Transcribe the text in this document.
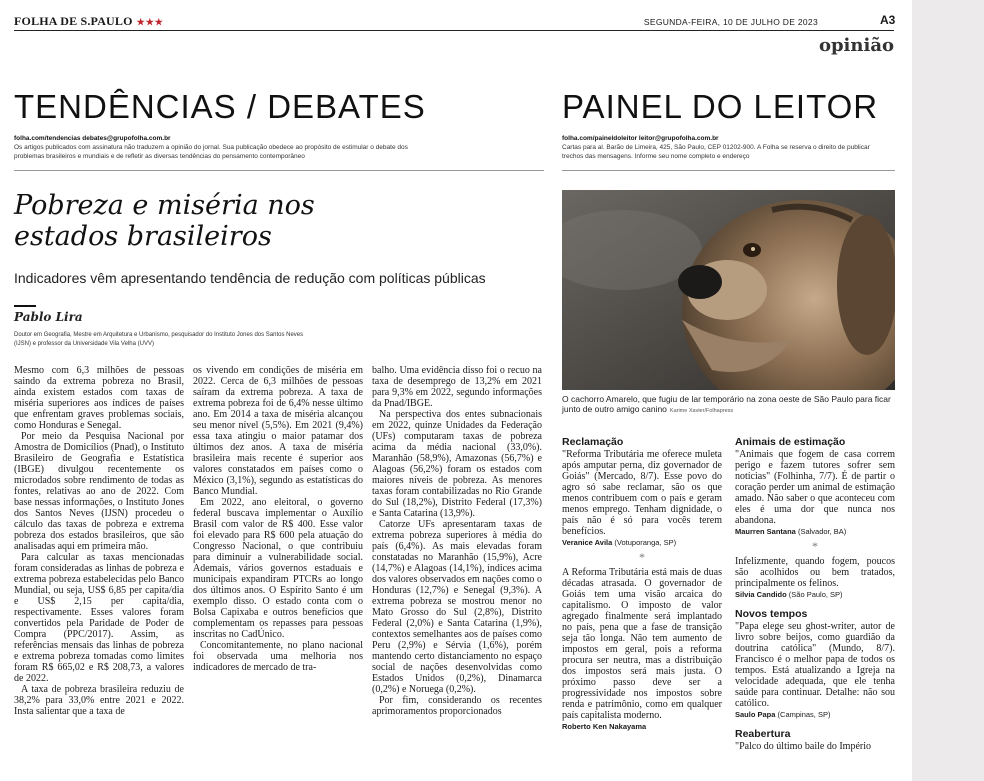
FOLHA DE S.PAULO ★★★	SEGUNDA-FEIRA, 10 DE JULHO DE 2023	A3
opinião
TENDÊNCIAS / DEBATES
folha.com/tendencias debates@grupofolha.com.br
Os artigos publicados com assinatura não traduzem a opinião do jornal. Sua publicação obedece ao propósito de estimular o debate dos problemas brasileiros e mundiais e de refletir as diversas tendências do pensamento contemporâneo
Pobreza e miséria nos estados brasileiros
Indicadores vêm apresentando tendência de redução com políticas públicas
Pablo Lira
Doutor em Geografia, Mestre em Arquitetura e Urbanismo, pesquisador do Instituto Jones dos Santos Neves (IJSN) e professor da Universidade Vila Velha (UVV)

Mesmo com 6,3 milhões de pessoas saindo da extrema pobreza no Brasil, ainda existem estados com taxas de miséria superiores aos índices de países que enfrentam graves problemas sociais, como Honduras e Senegal.

Por meio da Pesquisa Nacional por Amostra de Domicílios (Pnad), o Instituto Brasileiro de Geografia e Estatística (IBGE) divulgou recentemente os microdados sobre rendimento de todas as fontes, relativas ao ano de 2022. Com base nessas informações, o Instituto Jones dos Santos Neves (IJSN) procedeu o cálculo das taxas de pobreza e extrema pobreza dos estados brasileiros, que são analisadas aqui em primeira mão.

Para calcular as taxas mencionadas foram consideradas as linhas de pobreza e extrema pobreza estabelecidas pelo Banco Mundial, ou seja, US$ 6,85 per capita/dia e US$ 2,15 per capita/dia, respectivamente. Esses valores foram convertidos pela Paridade de Poder de Compra (PPC/2017). Assim, as referências mensais das linhas de pobreza e extrema pobreza tomadas como limites foram R$ 665,02 e R$ 208,73, a valores de 2022.

A taxa de pobreza brasileira reduziu de 38,2% para 33,0% entre 2021 e 2022. Insta salientar que a taxa de

os vivendo em condições de miséria em 2022. Cerca de 6,3 milhões de pessoas saíram da extrema pobreza. A taxa de extrema pobreza foi de 6,4% nesse último ano. Em 2014 a taxa de miséria alcançou seu menor nível (5,5%). Em 2021 (9,4%) essa taxa atingiu o maior patamar dos últimos dez anos. A taxa de miséria brasileira mais recente é superior aos valores constatados em países como o México (3,1%), segundo as estatísticas do Banco Mundial.

Em 2022, ano eleitoral, o governo federal buscava implementar o Auxílio Brasil com valor de R$ 400. Esse valor foi elevado para R$ 600 pela atuação do Congresso Nacional, o que contribuiu para diminuir a vulnerabilidade social. Ademais, vários governos estaduais e municipais expandiram PTCRs ao longo dos últimos anos. O Espírito Santo é um exemplo disso. O estado conta com o Bolsa Capixaba e outros benefícios que complementam os repasses para pessoas inscritas no CadÚnico.

Concomitantemente, no plano nacional foi observada uma melhoria nos indicadores de mercado de tra-

balho. Uma evidência disso foi o recuo na taxa de desemprego de 13,2% em 2021 para 9,3% em 2022, segundo informações da Pnad/IBGE.

Na perspectiva dos entes subnacionais em 2022, quinze Unidades da Federação (UFs) computaram taxas de pobreza acima da média nacional (33,0%). Maranhão (58,9%), Amazonas (56,7%) e Alagoas (56,2%) foram os estados com maiores níveis de pobreza. As menores taxas foram contabilizadas no Rio Grande do Sul (18,2%), Distrito Federal (17,3%) e Santa Catarina (13,9%).

Catorze UFs apresentaram taxas de extrema pobreza superiores à média do país (6,4%). As mais elevadas foram constatadas no Maranhão (15,9%), Acre (14,7%) e Alagoas (14,1%), índices acima dos valores observados em nações como o Honduras (12,7%) e Senegal (9,3%). A extrema pobreza se mostrou menor no Mato Grosso do Sul (2,8%), Distrito Federal (2,0%) e Santa Catarina (1,9%), contextos semelhantes aos de países como Peru (2,9%) e Sérvia (1,6%), porém mantendo certo distanciamento no espaço social de nações desenvolvidas como Estados Unidos (0,2%), Dinamarca (0,2%) e Noruega (0,2%).

Por fim, considerando os recentes aprimoramentos proporcionados

PAINEL DO LEITOR
folha.com/paineldoleitor leitor@grupofolha.com.br
Cartas para al. Barão de Limeira, 425, São Paulo, CEP 01202-900. A Folha se reserva o direito de publicar trechos das mensagens. Informe seu nome completo e endereço
O cachorro Amarelo, que fugiu de lar temporário na zona oeste de São Paulo para ficar junto de outro amigo canino Karime Xavier/Folhapress
Reclamação

"Reforma Tributária me oferece muleta após amputar perna, diz governador de Goiás" (Mercado, 8/7). Esse povo do agro só sabe reclamar, são os que menos contribuem com o país e geram menos emprego. Tenham dignidade, o país não é só para vocês terem benefícios.

Veranice Avila (Votuporanga, SP)
*

A Reforma Tributária está mais de duas décadas atrasada. O governador de Goiás tem uma visão arcaica do capitalismo. O imposto de valor agregado finalmente será implantado no país, pena que a fase de transição seja tão longa. Não tem aumento de impostos em geral, pois a reforma procura ser neutra, mas a distribuição dos impostos será mais justa. O próximo passo deve ser a progressividade nos impostos sobre renda e patrimônio, como em qualquer país capitalista moderno.

Roberto Ken Nakayama
Animais de estimação

"Animais que fogem de casa correm perigo e fazem tutores sofrer sem notícias" (Folhinha, 7/7). É de partir o coração perder um animal de estimação amado. Não saber o que aconteceu com eles é uma dor que nunca nos abandona.

Maurren Santana (Salvador, BA)
*

Infelizmente, quando fogem, poucos são acolhidos ou bem tratados, principalmente os felinos.

Silvia Candido (São Paulo, SP)
Novos tempos

"Papa elege seu ghost-writer, autor de livro sobre beijos, como guardião da doutrina católica" (Mundo, 8/7). Francisco é o melhor papa de todos os tempos. Está atualizando a Igreja na velocidade adequada, que ele tenha saúde para continuar. Detalhe: não sou católico.

Saulo Papa (Campinas, SP)
Reabertura

"Palco do último baile do Império
